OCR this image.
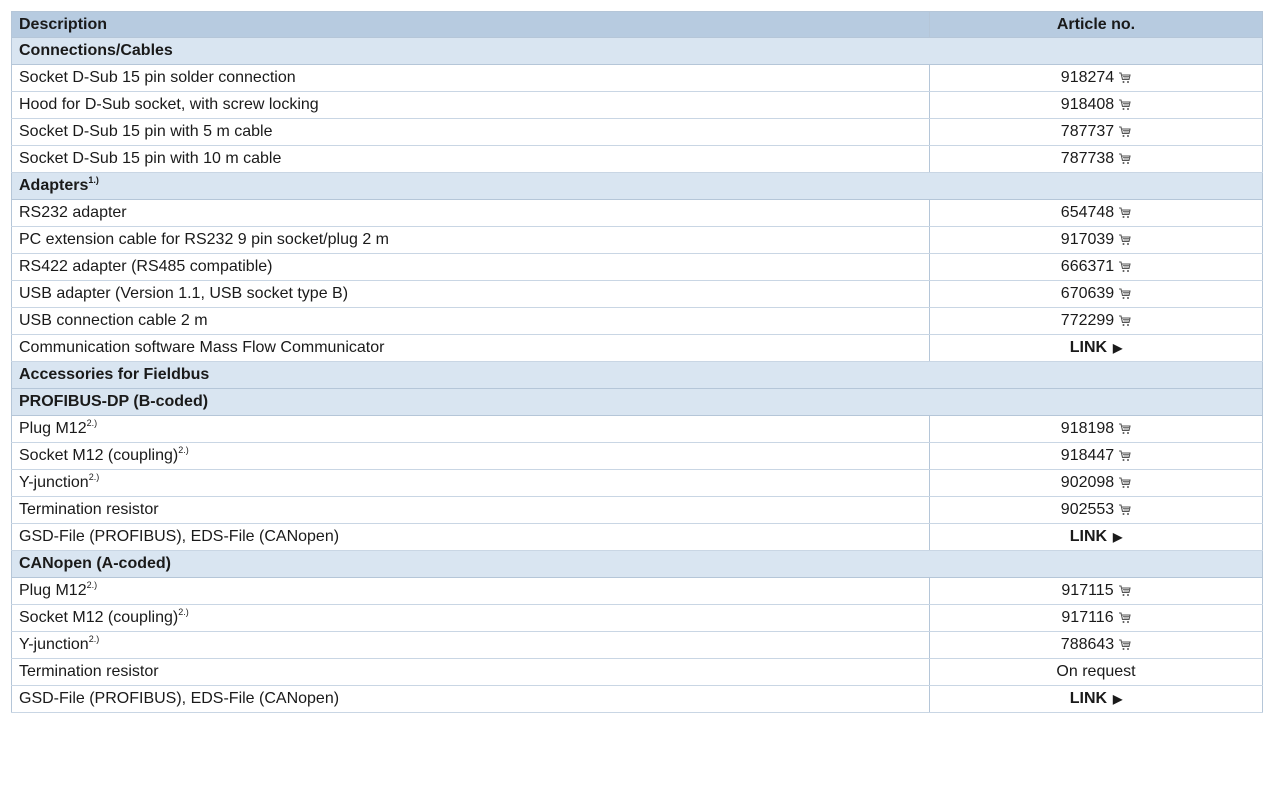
Description	Article no.
Connections/Cables	
Socket D-Sub 15 pin solder connection	918274
Hood for D-Sub socket, with screw locking	918408
Socket D-Sub 15 pin with 5 m cable	787737
Socket D-Sub 15 pin with 10 m cable	787738
Adapters$^{1.)}$
RS232 adapter	654748
PC extension cable for RS232 9 pin socket/plug 2 m	917039
RS422 adapter (RS485 compatible)	666371
USB adapter (Version 1.1, USB socket type B)	670639
USB connection cable 2 m	772299
Communication software Mass Flow Communicator	LINK ▶
Accessories for Fieldbus	
PROFIBUS-DP (B-coded)	
Plug $M12^{2.)}$	918198
Socket M12 (coupling)$^{2.)}$	918447
Y-junction$^{2.)}$	902098
Termination resistor	902553
GSD-File (PROFIBUS), EDS-File (CANopen)	LINK ▶
CANopen (A-coded)	
Plug $M12^{2.)}$	917115
Socket M12 (coupling)$^{2.)}$	917116
Y-junction$^{2.)}$	788643
Termination resistor	On request
GSD-File (PROFIBUS), EDS-File (CANopen)	LINK ▶
